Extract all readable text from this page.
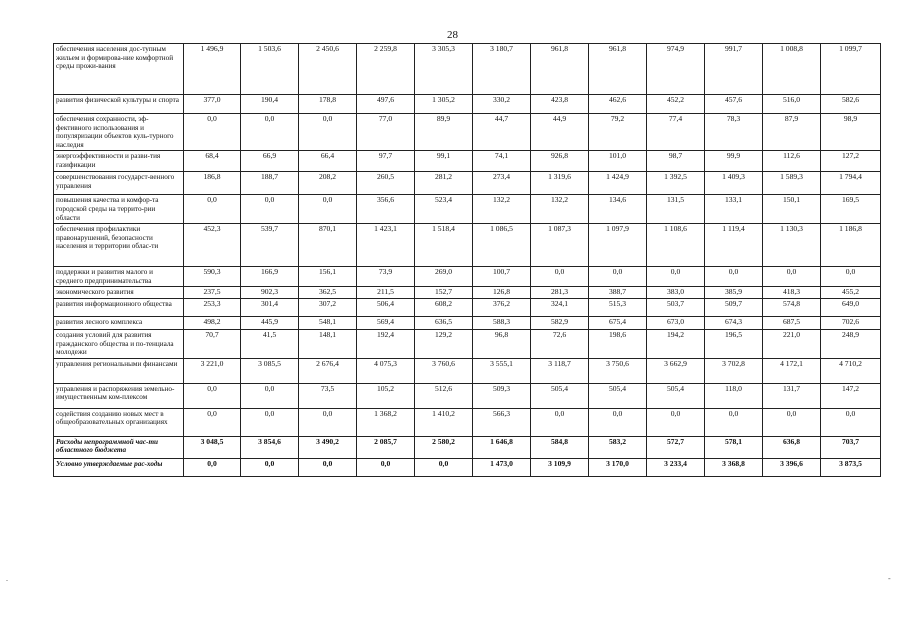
28
обеспечения населения дос-тупным жильем и формирова-ние комфортной среды прожи-вания	1 496,9	1 503,6	2 450,6	2 259,8	3 305,3	3 180,7	961,8	961,8	974,9	991,7	1 008,8	1 099,7
развития физической культуры и спорта	377,0	190,4	178,8	497,6	1 305,2	330,2	423,8	462,6	452,2	457,6	516,0	582,6
обеспечения сохранности, эф-фективного использования и популяризации объектов куль-турного наследия	0,0	0,0	0,0	77,0	89,9	44,7	44,9	79,2	77,4	78,3	87,9	98,9
энергоэффективности и разви-тия газификации	68,4	66,9	66,4	97,7	99,1	74,1	926,8	101,0	98,7	99,9	112,6	127,2
совершенствования государст-венного управления	186,8	188,7	208,2	260,5	281,2	273,4	1 319,6	1 424,9	1 392,5	1 409,3	1 589,3	1 794,4
повышения качества и комфор-та городской среды на террито-рии области	0,0	0,0	0,0	356,6	523,4	132,2	132,2	134,6	131,5	133,1	150,1	169,5
обеспечения профилактики правонарушений, безопасности населения и территории облас-ти	452,3	539,7	870,1	1 423,1	1 518,4	1 086,5	1 087,3	1 097,9	1 108,6	1 119,4	1 130,3	1 186,8
поддержки и развития малого и среднего предпринимательства	590,3	166,9	156,1	73,9	269,0	100,7	0,0	0,0	0,0	0,0	0,0	0,0
экономического развития	237,5	902,3	362,5	211,5	152,7	126,8	281,3	388,7	383,0	385,9	418,3	455,2
развития информационного общества	253,3	301,4	307,2	506,4	608,2	376,2	324,1	515,3	503,7	509,7	574,8	649,0
развития лесного комплекса	498,2	445,9	548,1	569,4	636,5	588,3	582,9	675,4	673,0	674,3	687,5	702,6
создания условий для развития гражданского общества и по-тенциала молодежи	70,7	41,5	148,1	192,4	129,2	96,8	72,6	198,6	194,2	196,5	221,0	248,9
управления региональными финансами	3 221,0	3 085,5	2 676,4	4 075,3	3 760,6	3 555,1	3 118,7	3 750,6	3 662,9	3 702,8	4 172,1	4 710,2
управления и распоряжения земельно-имущественным ком-плексом	0,0	0,0	73,5	105,2	512,6	509,3	505,4	505,4	505,4	118,0	131,7	147,2
содействия созданию новых мест в общеобразовательных организациях	0,0	0,0	0,0	1 368,2	1 410,2	566,3	0,0	0,0	0,0	0,0	0,0	0,0
Расходы непрограммной час-ти областного бюджета	3 048,5	3 854,6	3 490,2	2 085,7	2 580,2	1 646,8	584,8	583,2	572,7	578,1	636,8	703,7
Условно утверждаемые рас-ходы	0,0	0,0	0,0	0,0	0,0	1 473,0	3 109,9	3 170,0	3 233,4	3 368,8	3 396,6	3 873,5
.	-
